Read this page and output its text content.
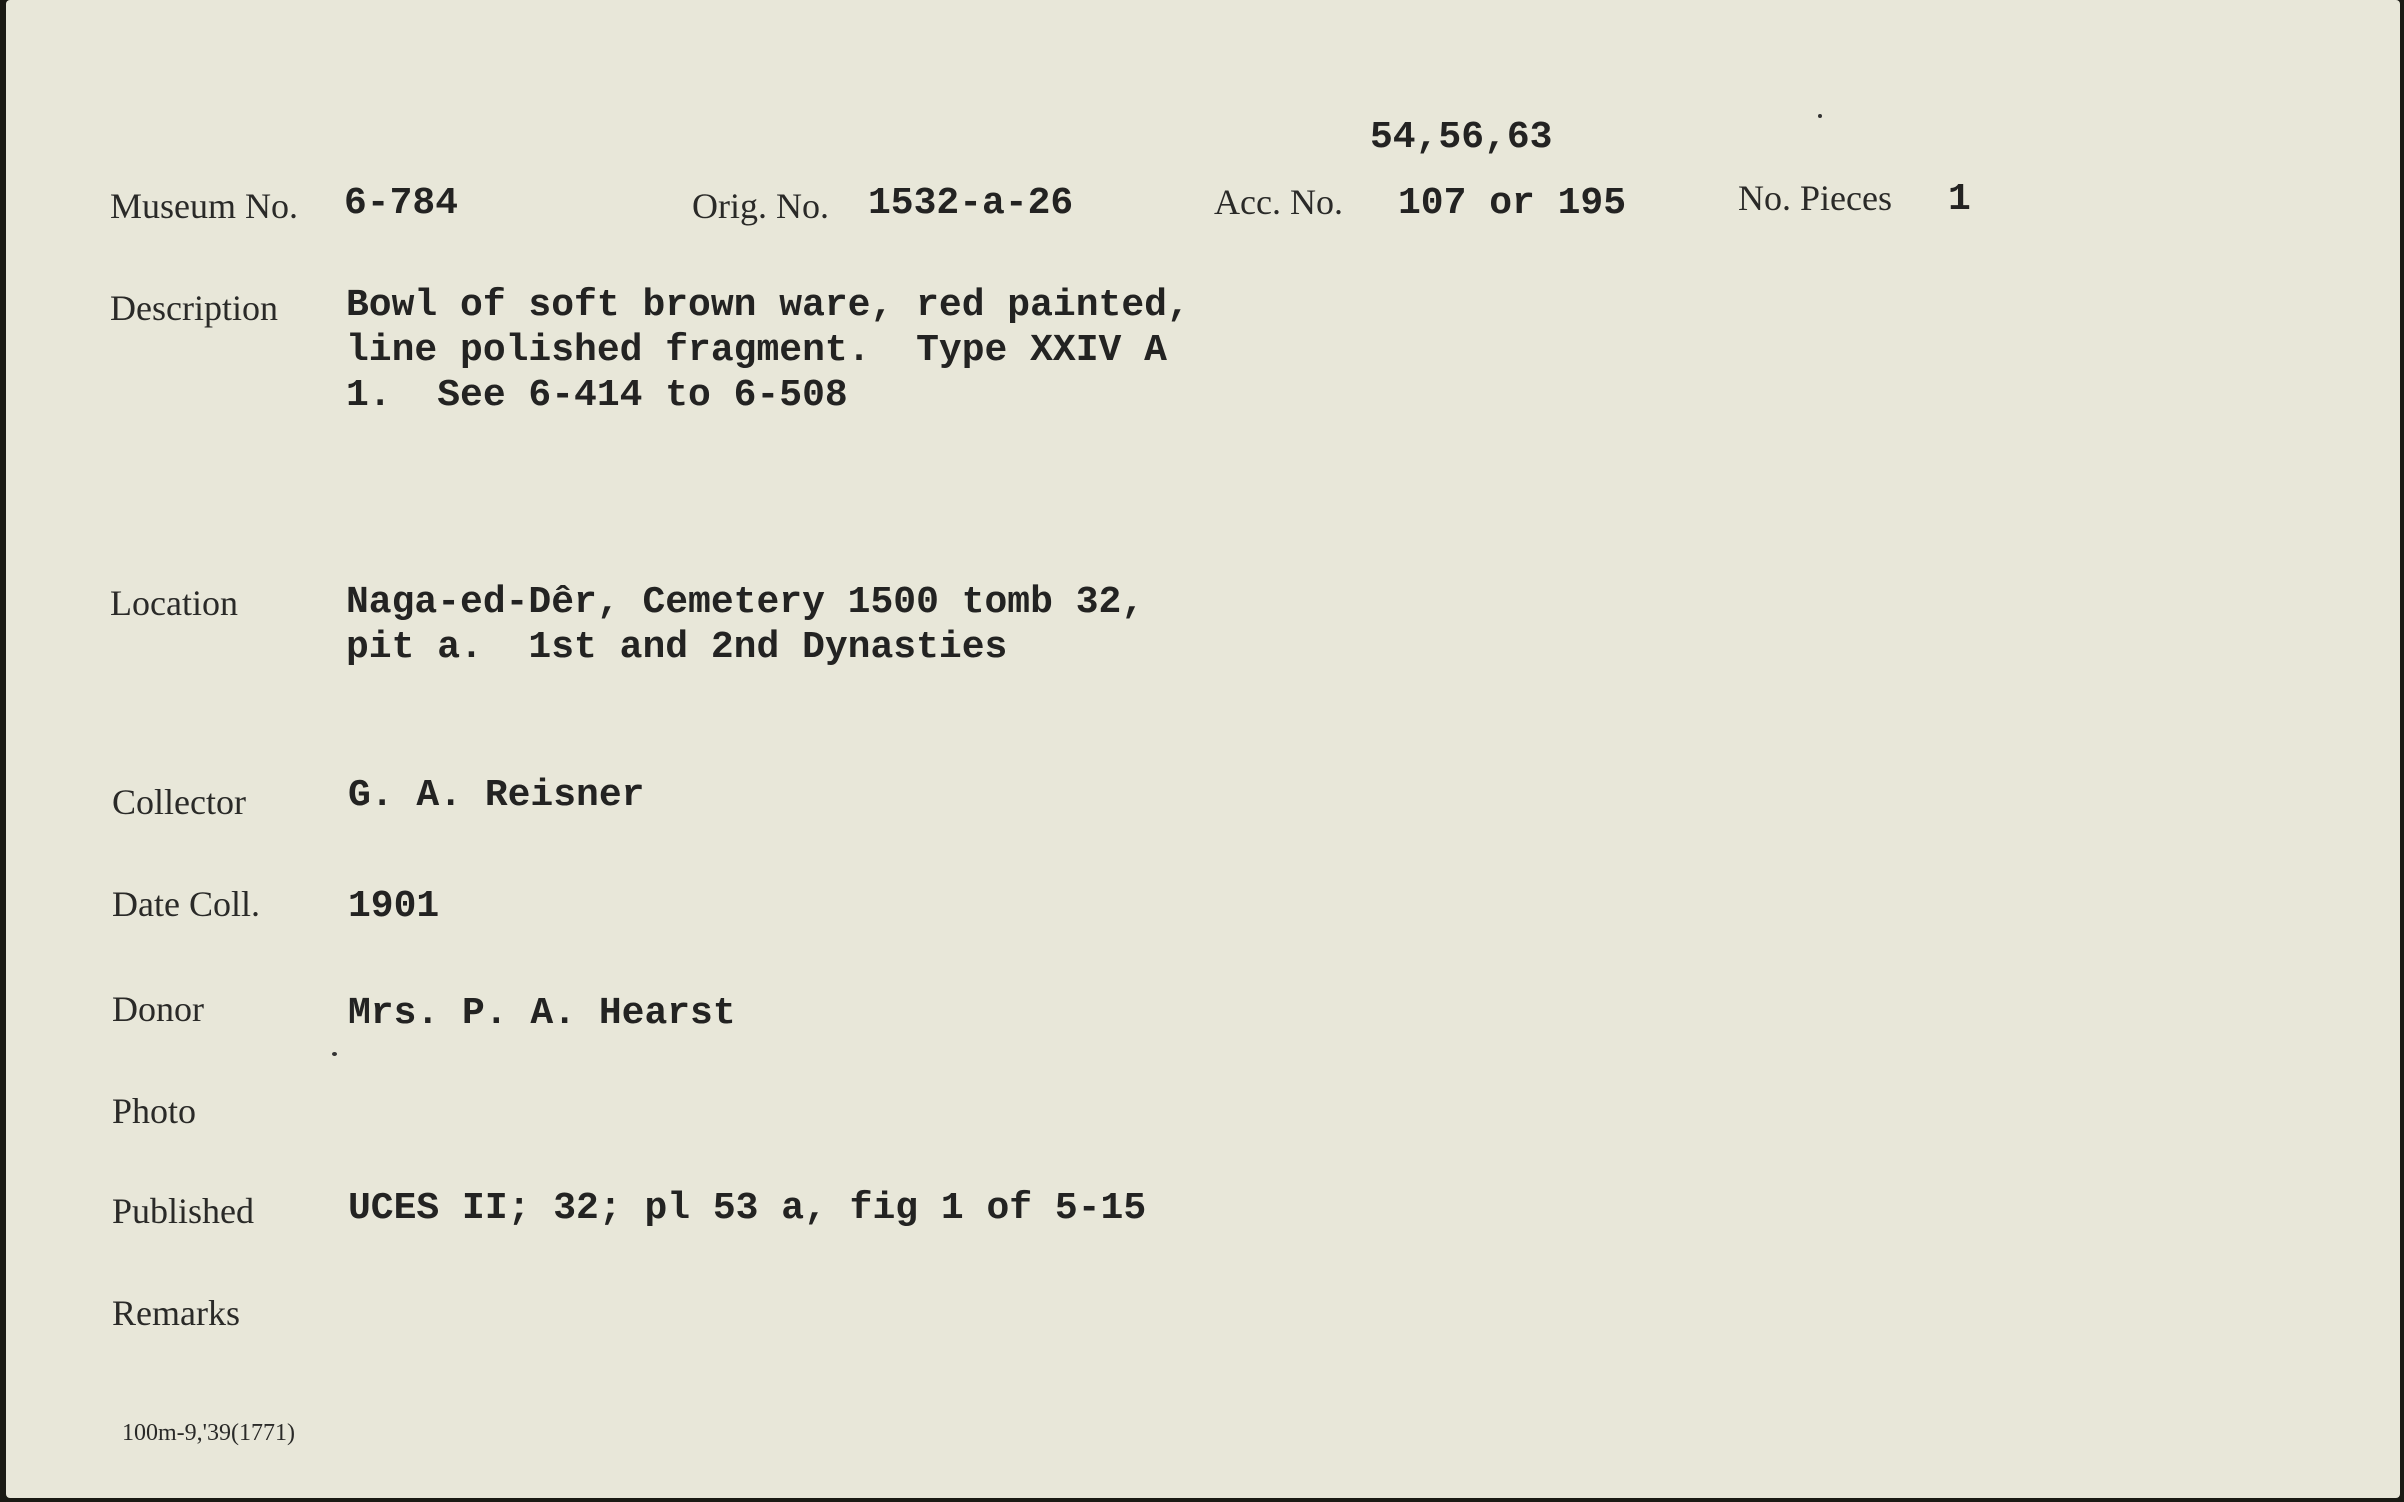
54,56,63
Museum No. 6-784	Orig. No. 1532-a-26	Acc. No. 107 or 195	No. Pieces 1
Description Bowl of soft brown ware, red painted,
line polished fragment.  Type XXIV A
1.  See 6-414 to 6-508
Location	Naga-ed-Dêr, Cemetery 1500 tomb 32,
pit a.  1st and 2nd Dynasties
Collector	G. A. Reisner
Date Coll. 1901
Donor	Mrs. P. A. Hearst
Photo
Published UCES II; 32; pl 53 a, fig 1 of 5-15
Remarks
100m-9,'39(1771)
